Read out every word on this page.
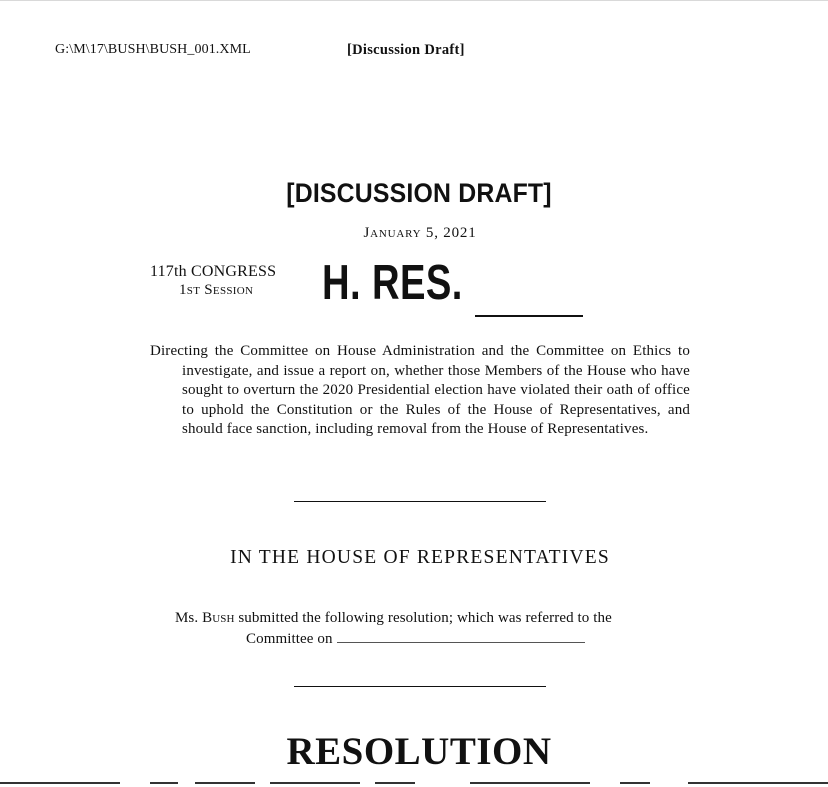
G:\M\17\BUSH\BUSH_001.XML	[Discussion Draft]
[DISCUSSION DRAFT]
January 5, 2021
117th CONGRESS
1st Session H. RES.
Directing the Committee on House Administration and the Committee on Ethics to investigate, and issue a report on, whether those Members of the House who have sought to overturn the 2020 Presidential election have violated their oath of office to uphold the Constitution or the Rules of the House of Representatives, and should face sanction, including removal from the House of Representatives.
IN THE HOUSE OF REPRESENTATIVES
Ms. Bush submitted the following resolution; which was referred to the
Committee on
RESOLUTION
